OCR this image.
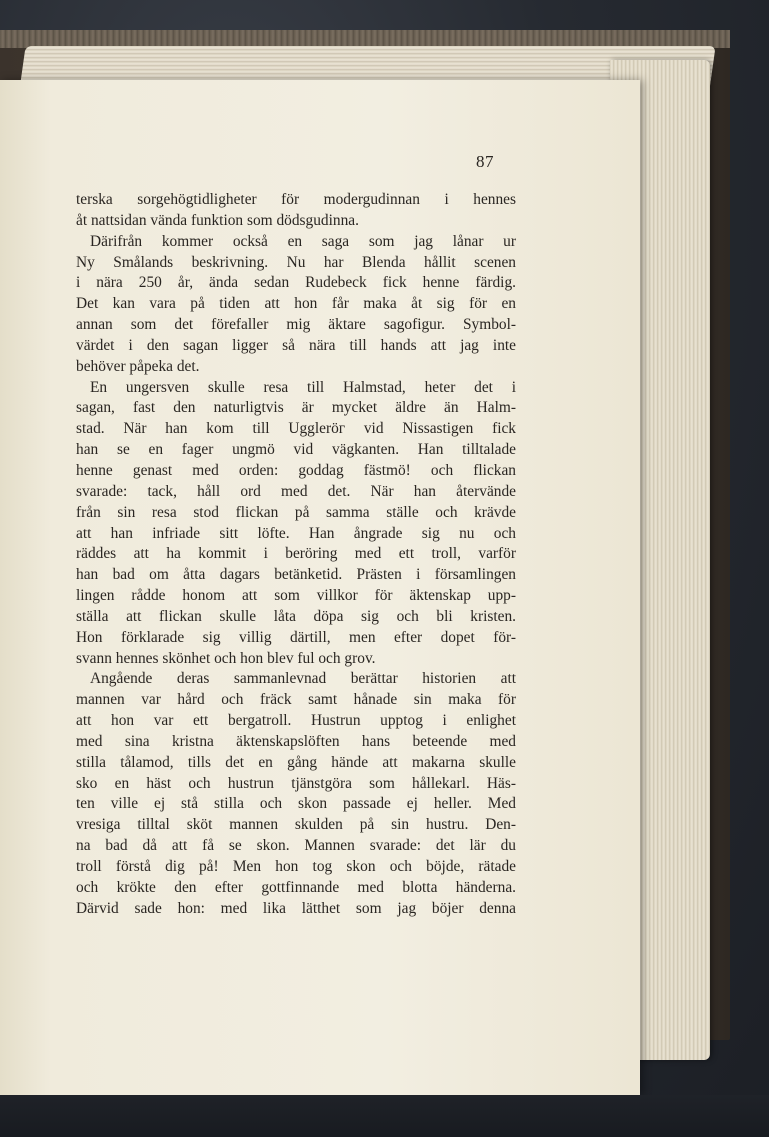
87
terska sorgehögtidligheter för modergudinnan i hennes
åt nattsidan vända funktion som dödsgudinna.
Därifrån kommer också en saga som jag lånar ur
Ny Smålands beskrivning. Nu har Blenda hållit scenen
i nära 250 år, ända sedan Rudebeck fick henne färdig.
Det kan vara på tiden att hon får maka åt sig för en
annan som det förefaller mig äktare sagofigur. Symbol-
värdet i den sagan ligger så nära till hands att jag inte
behöver påpeka det.
En ungersven skulle resa till Halmstad, heter det i
sagan, fast den naturligtvis är mycket äldre än Halm-
stad. När han kom till Uggleröг vid Nissastigen fick
han se en fager ungmö vid vägkanten. Han tilltalade
henne genast med orden: goddag fästmö! och flickan
svarade: tack, håll ord med det. När han återvände
från sin resa stod flickan på samma ställe och krävde
att han infriade sitt löfte. Han ångrade sig nu och
räddes att ha kommit i beröring med ett troll, varför
han bad om åtta dagars betänketid. Prästen i församlingen
lingen rådde honom att som villkor för äktenskap upp-
ställa att flickan skulle låta döpa sig och bli kristen.
Hon förklarade sig villig därtill, men efter dopet för-
svann hennes skönhet och hon blev ful och grov.
Angående deras sammanlevnad berättar historien att
mannen var hård och fräck samt hånade sin maka för
att hon var ett bergatroll. Hustrun upptog i enlighet
med sina kristna äktenskapslöften hans beteende med
stilla tålamod, tills det en gång hände att makarna skulle
sko en häst och hustrun tjänstgöra som hållekarl. Häs-
ten ville ej stå stilla och skon passade ej heller. Med
vresiga tilltal sköt mannen skulden på sin hustru. Den-
na bad då att få se skon. Mannen svarade: det lär du
troll förstå dig på! Men hon tog skon och böjde, rätade
och krökte den efter gottfinnande med blotta händerna.
Därvid sade hon: med lika lätthet som jag böjer denna
